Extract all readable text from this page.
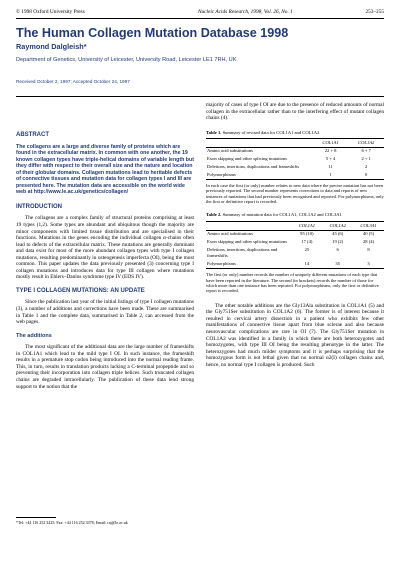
© 1998 Oxford University Press	Nucleic Acids Research, 1998, Vol. 26, No. 1	253–255
The Human Collagen Mutation Database 1998
Raymond Dalgleish*
Department of Genetics, University of Leicester, University Road, Leicester LE1 7RH, UK
Received October 2, 1997; Accepted October 24, 1997

ABSTRACT

The collagens are a large and diverse family of proteins which are found in the extracellular matrix. In common with one another, the 19 known collagen types have triple-helical domains of variable length but they differ with respect to their overall size and the nature and location of their globular domains. Collagen mutations lead to heritable defects of connective tissues and mutation data for collagen types I and III are presented here. The mutation data are accessible on the world wide web at http://www.le.ac.uk/genetics/collagen/

INTRODUCTION

The collagens are a complex family of structural proteins comprising at least 19 types (1,2). Some types are abundant and ubiquitous though the majority are minor components with limited tissue distribution and are specialised in their functions. Mutations in the genes encoding the individual collagen α-chains often lead to defects of the extracellular matrix. These mutations are generally dominant and data exist for most of the more abundant collagen types with type I collagen mutations, resulting predominantly in osteogenesis imperfecta (OI), being the most common. This paper updates the data previously presented (3) concerning type I collagen mutations and introduces data for type III collagen where mutations mostly result in Ehlers–Danlos syndrome type IV (EDS IV).

TYPE I COLLAGEN MUTATIONS: AN UPDATE

Since the publication last year of the initial listings of type I collagen mutations (3), a number of additions and corrections have been made. These are summarised in Table 1 and the complete data, summarised in Table 2, can accessed from the web pages.

The additions

The most significant of the additional data are the large number of frameshifts in COL1A1 which lead to the mild type I OI. In such instance, the frameshift results in a premature stop codon being introduced into the normal reading frame. This, in turn, results in translation products lacking a C-terminal propeptide and so preventing their incorporation into collagen triple helices. Such truncated collagen chains are degraded intracellularly. The publication of these data lend strong support to the notion that the

majority of cases of type I OI are due to the presence of reduced amounts of normal collagen in the extracellular rather than to the interfering effect of mutant collagen chains (4).

Table 1. Summary of revised data for COL1A1 and COL1A2

	COL1A1	COL1A2
Amino acid substitutions	22 + 8	6 + 7
Exon skipping and other splicing mutations	5 + 4	2 + 1
Deletions, insertions, duplications and frameshifts	11	2
Polymorphisms	1	0

In each case the first (or only) number relates to new data where the precise mutation has not been previously reported. The second number represents corrections to data and reports of new instances of mutations that had previously been recognised and reported. For polymorphisms, only the first or definitive report is recorded.

Table 2. Summary of mutation data for COL1A1, COL1A2 and COL3A1

	COL1A1	COL1A2	COL3A1
Amino acid substitutions	95 (10)	45 (6)	40 (5)
Exon skipping and other splicing mutations	17 (4)	19 (2)	28 (4)
Deletions, insertions, duplications and frameshifts	25	6	8
Polymorphisms	14	35	3

The first (or only) number records the number of uniquely different mutations of each type that have been reported in the literature. The second (in brackets) records the number of those for which more than one instance has been reported. For polymorphisms, only the first or definitive report is recorded.

The other notable additions are the Gly13Ala substitution in COL1A1 (5) and the Gly751Ser substitution in COL1A2 (6). The former is of interest because it resulted in cervical artery dissection in a patient who exhibits few other manifestations of connective tissue apart from blue sclerae and also because neurovascular complications are rare in OI (7). The Gly751Ser mutation in COL1A2 was identified in a family in which there are both heterozygotes and homozygotes, with type III OI being the resulting phenotype in the latter. The heterozygotes had much milder symptoms and it is perhaps surprising that the homozygous form is not lethal given that no normal α2(I) collagen chains and, hence, no normal type I collagen is produced. Such

*Tel: +44 116 252 3425; Fax: +44 116 252 3378; Email: raj@le.ac.uk
